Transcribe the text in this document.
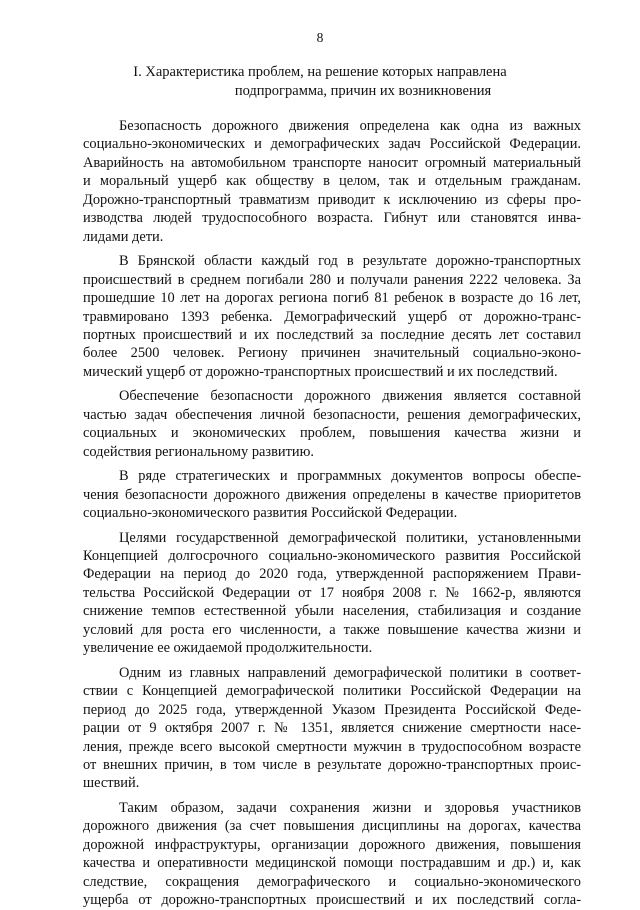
8
I. Характеристика проблем, на решение которых направлена
подпрограмма, причин их возникновения
Безопасность дорожного движения определена как одна из важных
социально-экономических и демографических задач Российской Федерации.
Аварийность на автомобильном транспорте наносит огромный материальный
и моральный ущерб как обществу в целом, так и отдельным гражданам.
Дорожно-транспортный травматизм приводит к исключению из сферы про-
изводства людей трудоспособного возраста. Гибнут или становятся инва-
лидами дети.
В Брянской области каждый год в результате дорожно-транспортных
происшествий в среднем погибали 280 и получали ранения 2222 человека. За
прошедшие 10 лет на дорогах региона погиб 81 ребенок в возрасте до 16 лет,
травмировано 1393 ребенка. Демографический ущерб от дорожно-транс-
портных происшествий и их последствий за последние десять лет составил
более 2500 человек. Региону причинен значительный социально-эконо-
мический ущерб от дорожно-транспортных происшествий и их последствий.
Обеспечение безопасности дорожного движения является составной
частью задач обеспечения личной безопасности, решения демографических,
социальных и экономических проблем, повышения качества жизни и
содействия региональному развитию.
В ряде стратегических и программных документов вопросы обеспе-
чения безопасности дорожного движения определены в качестве приоритетов
социально-экономического развития Российской Федерации.
Целями государственной демографической политики, установленными
Концепцией долгосрочного социально-экономического развития Российской
Федерации на период до 2020 года, утвержденной распоряжением Прави-
тельства Российской Федерации от 17 ноября 2008 г. № 1662-р, являются
снижение темпов естественной убыли населения, стабилизация и создание
условий для роста его численности, а также повышение качества жизни и
увеличение ее ожидаемой продолжительности.
Одним из главных направлений демографической политики в соответ-
ствии с Концепцией демографической политики Российской Федерации на
период до 2025 года, утвержденной Указом Президента Российской Феде-
рации от 9 октября 2007 г. № 1351, является снижение смертности насе-
ления, прежде всего высокой смертности мужчин в трудоспособном возрасте
от внешних причин, в том числе в результате дорожно-транспортных проис-
шествий.
Таким образом, задачи сохранения жизни и здоровья участников
дорожного движения (за счет повышения дисциплины на дорогах, качества
дорожной инфраструктуры, организации дорожного движения, повышения
качества и оперативности медицинской помощи пострадавшим и др.) и, как
следствие, сокращения демографического и социально-экономического
ущерба от дорожно-транспортных происшествий и их последствий согла-
